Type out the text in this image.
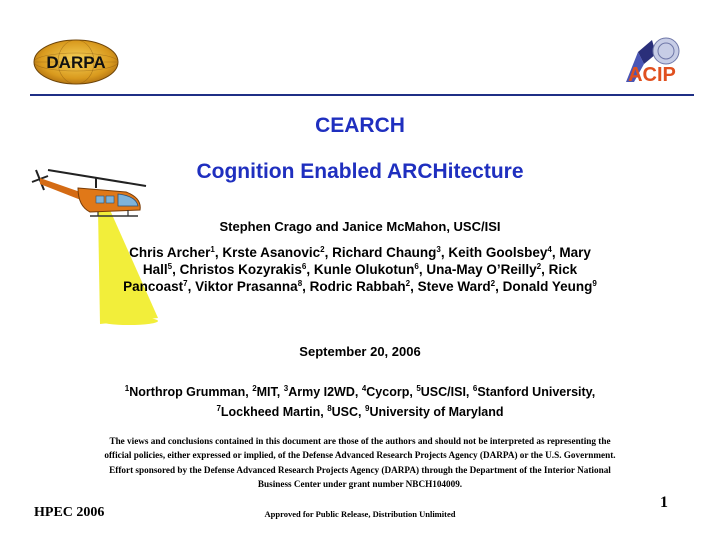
DARPA
ACIP
CEARCH
Cognition Enabled ARCHitecture
Stephen Crago and Janice McMahon, USC/ISI
Chris Archer$^1$, Krste Asanovic$^2$, Richard Chaung$^3$, Keith Goolsbey$^4$, Mary Hall$^5$, Christos Kozyrakis$^6$, Kunle Olukotun$^6$, Una-May O’Reilly$^2$, Rick Pancoast$^7$, Viktor Prasanna$^8$, Rodric Rabbah$^2$, Steve Ward$^2$, Donald Yeung$^9$
September 20, 2006
$^1$Northrop Grumman, $^2$MIT, $^3$Army I2WD, $^4$Cycorp, $^5$USC/ISI, $^6$Stanford University, $^7$Lockheed Martin, $^8$USC, $^9$University of Maryland
The views and conclusions contained in this document are those of the authors and should not be interpreted as representing the official policies, either expressed or implied, of the Defense Advanced Research Projects Agency (DARPA) or the U.S. Government. Effort sponsored by the Defense Advanced Research Projects Agency (DARPA) through the Department of the Interior National Business Center under grant number NBCH104009.
1
HPEC 2006	Approved for Public Release, Distribution Unlimited
